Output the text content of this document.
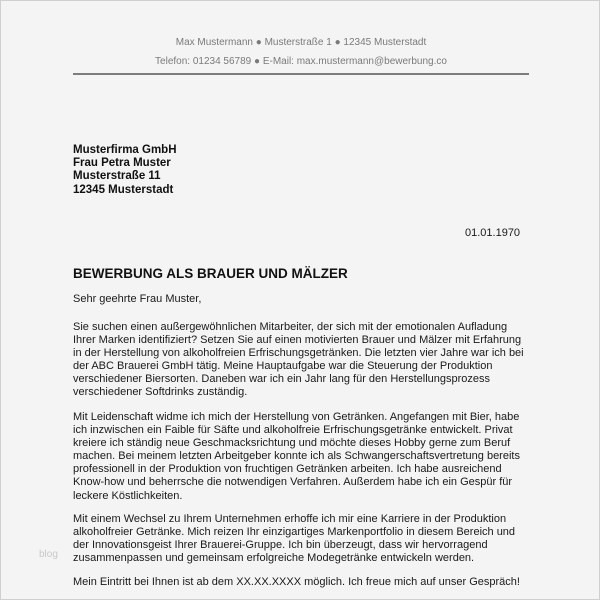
Max Mustermann ● Musterstraße 1 ● 12345 Musterstadt
Telefon: 01234 56789 ● E-Mail: max.mustermann@bewerbung.co
Musterfirma GmbH
Frau Petra Muster
Musterstraße 11
12345 Musterstadt
01.01.1970
BEWERBUNG ALS BRAUER UND MÄLZER
Sehr geehrte Frau Muster,
Sie suchen einen außergewöhnlichen Mitarbeiter, der sich mit der emotionalen Aufladung
Ihrer Marken identifiziert? Setzen Sie auf einen motivierten Brauer und Mälzer mit Erfahrung
in der Herstellung von alkoholfreien Erfrischungsgetränken. Die letzten vier Jahre war ich bei
der ABC Brauerei GmbH tätig. Meine Hauptaufgabe war die Steuerung der Produktion
verschiedener Biersorten. Daneben war ich ein Jahr lang für den Herstellungsprozess
verschiedener Softdrinks zuständig.
Mit Leidenschaft widme ich mich der Herstellung von Getränken. Angefangen mit Bier, habe
ich inzwischen ein Faible für Säfte und alkoholfreie Erfrischungsgetränke entwickelt. Privat
kreiere ich ständig neue Geschmacksrichtung und möchte dieses Hobby gerne zum Beruf
machen. Bei meinem letzten Arbeitgeber konnte ich als Schwangerschaftsvertretung bereits
professionell in der Produktion von fruchtigen Getränken arbeiten. Ich habe ausreichend
Know-how und beherrsche die notwendigen Verfahren. Außerdem habe ich ein Gespür für
leckere Köstlichkeiten.
Mit einem Wechsel zu Ihrem Unternehmen erhoffe ich mir eine Karriere in der Produktion
alkoholfreier Getränke. Mich reizen Ihr einzigartiges Markenportfolio in diesem Bereich und
der Innovationsgeist Ihrer Brauerei-Gruppe. Ich bin überzeugt, dass wir hervorragend
zusammenpassen und gemeinsam erfolgreiche Modegetränke entwickeln werden.
Mein Eintritt bei Ihnen ist ab dem XX.XX.XXXX möglich. Ich freue mich auf unser Gespräch!
blog
